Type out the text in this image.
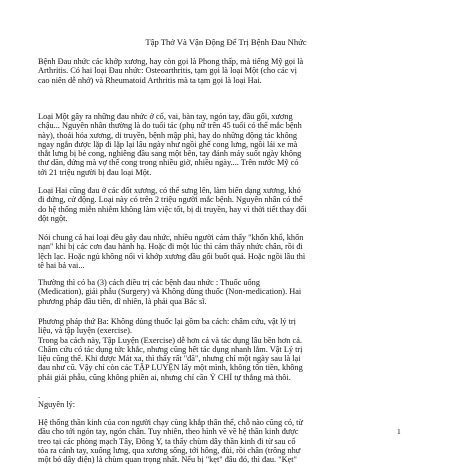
Tập Thở Và Vận Động Để Trị Bệnh Đau Nhức
Bệnh Đau nhức các khớp xương, hay còn gọi là Phong thấp, mà tiếng Mỹ gọi là
Arthritis. Có hai loại Đau nhức: Osteoarthritis, tạm gọi là loại Một (cho các vị
cao niên dễ nhớ) và Rheumatoid Arthritis mà ta tạm gọi là loại Hai.
Loại Một gây ra những đau nhức ở cổ, vai, bàn tay, ngón tay, đầu gối, xương
chậu... Nguyên nhân thường là do tuổi tác (phụ nữ trên 45 tuổi có thể mắc bệnh
này), thoái hóa xương, di truyền, bệnh mập phì, hay do những động tác không
ngay ngắn được lặp đi lặp lại lâu ngày như ngồi ghế cong lưng, ngồi lái xe mà
thắt lưng bị bẻ cong, nghiêng đầu sang một bên, tay đánh máy suốt ngày không
thư dãn, đứng mà vợ thế cong trong nhiều giờ, nhiều ngày.... Trên nước Mỹ có
tới 21 triệu người bị đau loại Một.
Loại Hai cũng đau ở các đốt xương, có thể sưng lên, làm biến dạng xương, khó
đi đứng, cử động. Loại này có trên 2 triệu người mắc bệnh. Nguyên nhân có thể
do hệ thống miễn nhiễm không làm việc tốt, bị di truyền, hay vì thời tiết thay đổi
đột ngột.
Nói chung cả hai loại đều gây đau nhức, nhiều người cảm thấy "khốn khổ, khốn
nạn" khi bị các cơn đau hành hạ. Hoặc đi một lúc thì cảm thấy nhức chân, rồi đi
lệch lạc. Hoặc ngủ không nổi vì khớp xương đầu gối buốt quá. Hoặc ngồi lâu thì
tê hai bả vai...
Thường thì có ba (3) cách điều trị các bệnh đau nhức : Thuốc uống
(Medication), giải phẫu (Surgery) và Không dùng thuốc (Non-medication). Hai
phương pháp đầu tiên, dĩ nhiên, là phải qua Bác sĩ.
Phương pháp thứ Ba: Không dùng thuốc lại gồm ba cách: châm cứu, vật lý trị
liệu, và tập luyện (exercise).
Trong ba cách này, Tập Luyện (Exercise) dễ hơn cả và tác dụng lâu bền hơn cả.
Châm cứu có tác dụng tức khắc, nhưng cũng hết tác dụng nhanh lắm. Vật Lý trị
liệu cũng thế. Khi được Mát xa, thì thấy rất "đã", nhưng chỉ một ngày sau là lại
đau như cũ. Vậy chỉ còn các TẬP LUYỆN lấy một mình, không tốn tiền, không
phải giải phẫu, cũng không phiền ai, nhưng chỉ cần Ý CHÍ tự thắng mà thôi.
.
Nguyên lý:
Hệ thống thần kinh của con người chạy cùng khắp thân thể, chỗ nào cũng có, từ
đầu cho tới ngón tay, ngón chân. Tuy nhiên, theo hình vẽ về hệ thần kinh được
treo tại các phòng mạch Tây, Đông Y, ta thấy chùm dây thần kinh đi từ sau cổ
tỏa ra cánh tay, xuống lưng, qua xương sống, tới hông, đùi, rồi chân (trông như
một bó dây điện) là chùm quan trọng nhất. Nếu bị "kẹt" đâu đó, thì đau. "Kẹt"
1
